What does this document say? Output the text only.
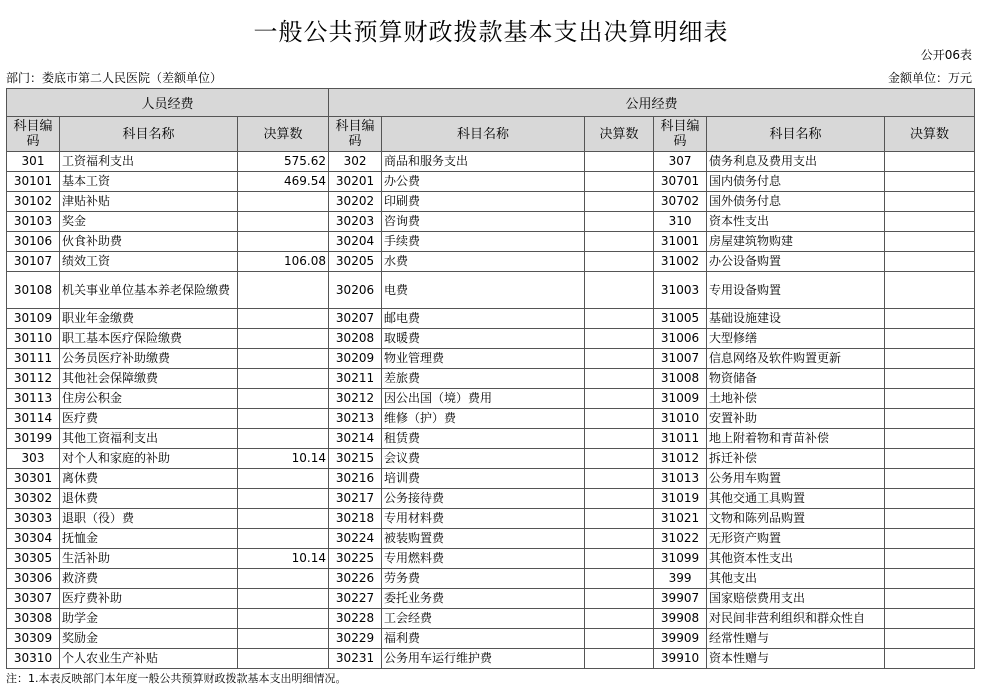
一般公共预算财政拨款基本支出决算明细表
公开06表
部门：娄底市第二人民医院（差额单位）	金额单位：万元
人员经费			公用经费					
科目编码	科目名称	决算数	科目编码	科目名称	决算数	科目编码	科目名称	决算数
301	工资福利支出	575.62	302	商品和服务支出		307	债务利息及费用支出	
30101	基本工资	469.54	30201	办公费		30701	国内债务付息	
30102	津贴补贴		30202	印刷费		30702	国外债务付息	
30103	奖金		30203	咨询费		310	资本性支出	
30106	伙食补助费		30204	手续费		31001	房屋建筑物购建	
30107	绩效工资	106.08	30205	水费		31002	办公设备购置	
30108	机关事业单位基本养老保险缴费		30206	电费		31003	专用设备购置	
30109	职业年金缴费		30207	邮电费		31005	基础设施建设	
30110	职工基本医疗保险缴费		30208	取暖费		31006	大型修缮	
30111	公务员医疗补助缴费		30209	物业管理费		31007	信息网络及软件购置更新	
30112	其他社会保障缴费		30211	差旅费		31008	物资储备	
30113	住房公积金		30212	因公出国（境）费用		31009	土地补偿	
30114	医疗费		30213	维修（护）费		31010	安置补助	
30199	其他工资福利支出		30214	租赁费		31011	地上附着物和青苗补偿	
303	对个人和家庭的补助	10.14	30215	会议费		31012	拆迁补偿	
30301	离休费		30216	培训费		31013	公务用车购置	
30302	退休费		30217	公务接待费		31019	其他交通工具购置	
30303	退职（役）费		30218	专用材料费		31021	文物和陈列品购置	
30304	抚恤金		30224	被装购置费		31022	无形资产购置	
30305	生活补助	10.14	30225	专用燃料费		31099	其他资本性支出	
30306	救济费		30226	劳务费		399	其他支出	
30307	医疗费补助		30227	委托业务费		39907	国家赔偿费用支出	
30308	助学金		30228	工会经费		39908	对民间非营利组织和群众性自	
30309	奖励金		30229	福利费		39909	经常性赠与	
30310	个人农业生产补贴		30231	公务用车运行维护费		39910	资本性赠与	
注：1.本表反映部门本年度一般公共预算财政拨款基本支出明细情况。
